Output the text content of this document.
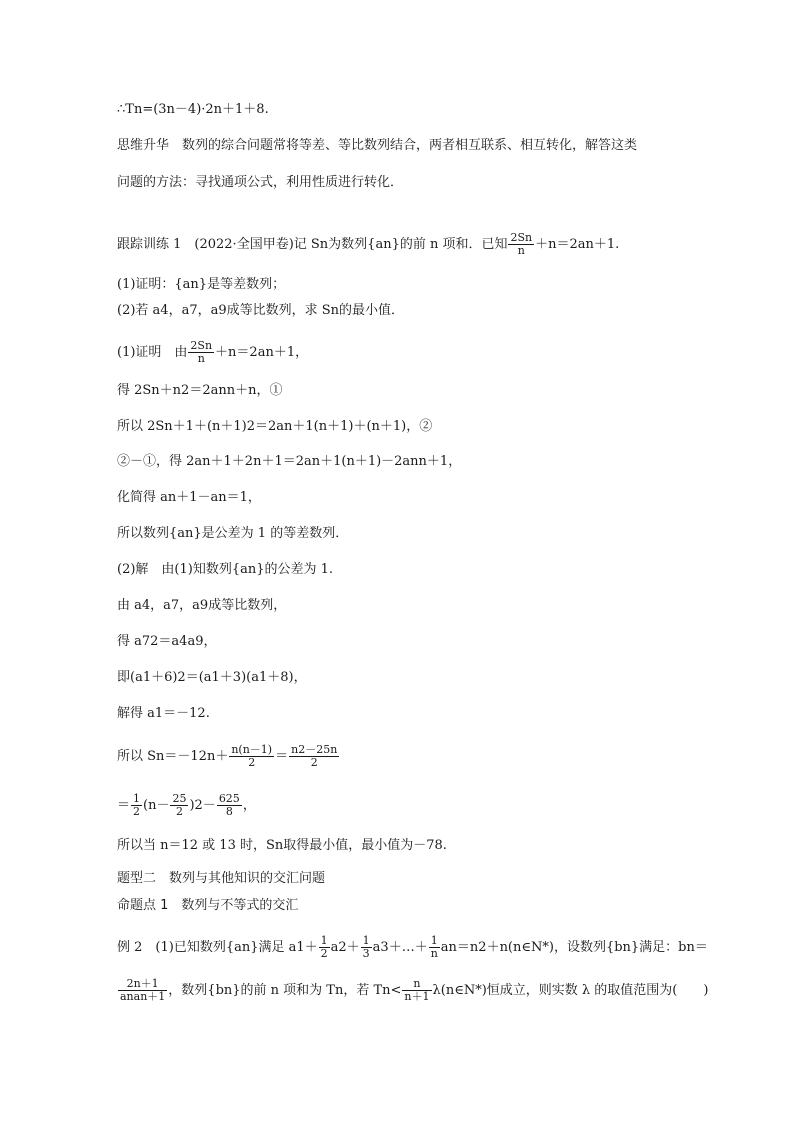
∴Tn=(3n－4)·2n＋1＋8.
思维升华　数列的综合问题常将等差、等比数列结合，两者相互联系、相互转化，解答这类
问题的方法：寻找通项公式，利用性质进行转化．
跟踪训练 1　(2022·全国甲卷)记 Sn为数列{an}的前 n 项和．已知 $\frac{2Sn}{n} +n=2an+1$.
(1)证明：{an}是等差数列；
(2)若 a4，a7，a9成等比数列，求 Sn的最小值．
(1)证明　由 $\frac{2Sn}{n} +n=2an+1$，
得 2Sn＋n2＝2ann＋n，①
所以 2Sn＋1＋(n＋1)2＝2an＋1(n＋1)＋(n＋1)，②
②－①，得 2an＋1＋2n＋1＝2an＋1(n＋1)－2ann＋1，
化简得 an＋1－an＝1，
所以数列{an}是公差为 1 的等差数列．
(2)解　由(1)知数列{an}的公差为 1.
由 a4，a7，a9成等比数列，
得 a72＝a4a9，
即(a1＋6)2＝(a1＋3)(a1＋8)，
解得 a1＝－12.
所以 $Sn=-12n+ \frac{n(n-1)}{2} = \frac{n2-25n}{2}$
＝ $\frac{1}{2} (n- \frac{25}{2} )2- \frac{625}{8}$ ，
所以当 n＝12 或 13 时，Sn取得最小值，最小值为－78.
题型二　数列与其他知识的交汇问题
命题点 1　数列与不等式的交汇
例 2　(1)已知数列{an}满足 $a1+ \frac{1}{2} a2+ \frac{1}{3}$ a3＋…＋ $\frac{1}{n}$ an＝n2＋n(n∈N*)，设数列{bn}满足：bn＝
$\frac{2n+1}{\text{anan＋1}}$ ，数列{bn}的前 n 项和为 Tn，若 $Tn< \frac{n}{n+1}$ λ(n∈N*)恒成立，则实数 λ 的取值范围为(　　)
